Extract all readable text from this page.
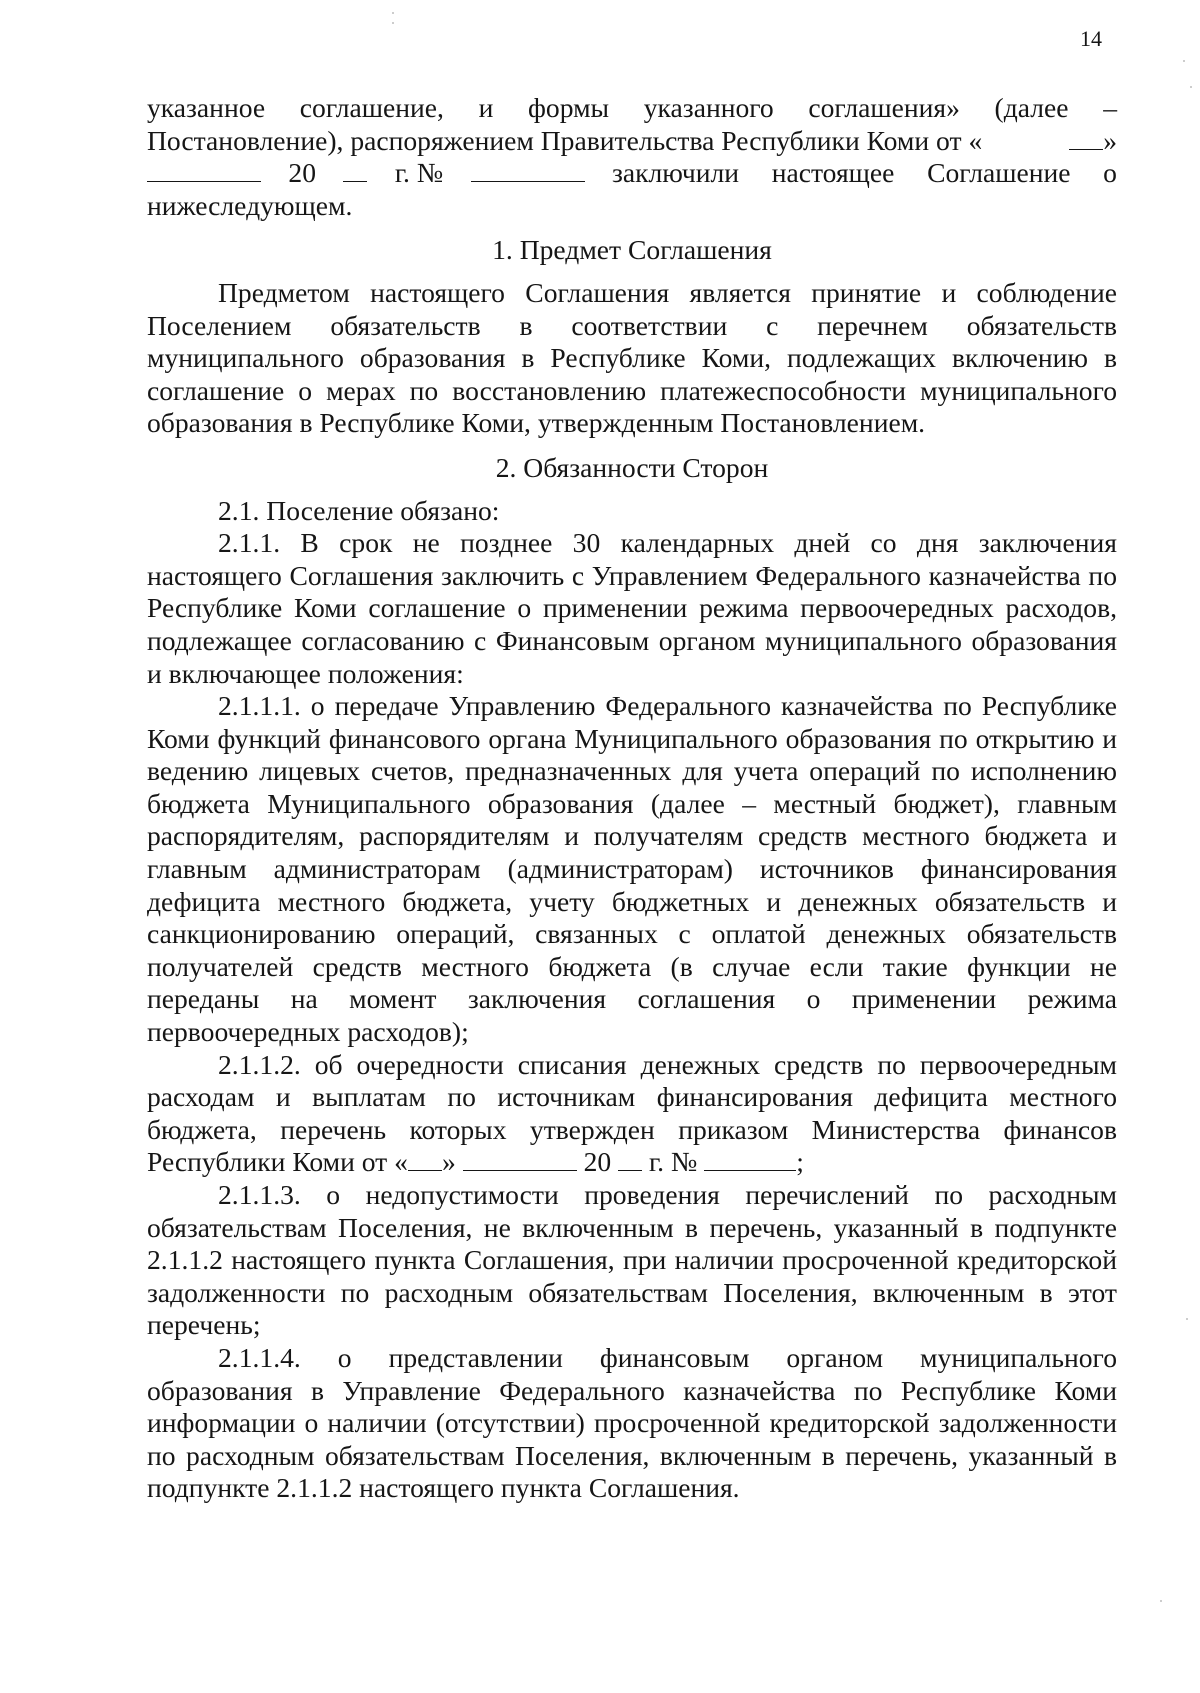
14

указанное соглашение, и формы указанного соглашения» (далее –

Постановление), распоряжением Правительства Республики Коми от «	»
20	г. №	заключили настоящее Соглашение о

нижеследующем.

1. Предмет Соглашения

Предметом настоящего Соглашения является принятие и соблюдение Поселением обязательств в соответствии с перечнем обязательств муниципального образования в Республике Коми, подлежащих включению в соглашение о мерах по восстановлению платежеспособности муниципального образования в Республике Коми, утвержденным Постановлением.

2. Обязанности Сторон

2.1. Поселение обязано:

2.1.1. В срок не позднее 30 календарных дней со дня заключения настоящего Соглашения заключить с Управлением Федерального казначейства по Республике Коми соглашение о применении режима первоочередных расходов, подлежащее согласованию с Финансовым органом муниципального образования и включающее положения:

2.1.1.1. о передаче Управлению Федерального казначейства по Республике Коми функций финансового органа Муниципального образования по открытию и ведению лицевых счетов, предназначенных для учета операций по исполнению бюджета Муниципального образования (далее – местный бюджет), главным распорядителям, распорядителям и получателям средств местного бюджета и главным администраторам (администраторам) источников финансирования дефицита местного бюджета, учету бюджетных и денежных обязательств и санкционированию операций, связанных с оплатой денежных обязательств получателей средств местного бюджета (в случае если такие функции не переданы на момент заключения соглашения о применении режима первоочередных расходов);

2.1.1.2. об очередности списания денежных средств по первоочередным расходам и выплатам по источникам финансирования дефицита местного бюджета, перечень которых утвержден приказом Министерства финансов Республики Коми от « »	20 г. №	;

2.1.1.3. о недопустимости проведения перечислений по расходным обязательствам Поселения, не включенным в перечень, указанный в подпункте 2.1.1.2 настоящего пункта Соглашения, при наличии просроченной кредиторской задолженности по расходным обязательствам Поселения, включенным в этот перечень;

2.1.1.4. о представлении финансовым органом муниципального образования в Управление Федерального казначейства по Республике Коми информации о наличии (отсутствии) просроченной кредиторской задолженности по расходным обязательствам Поселения, включенным в перечень, указанный в подпункте 2.1.1.2 настоящего пункта Соглашения.
